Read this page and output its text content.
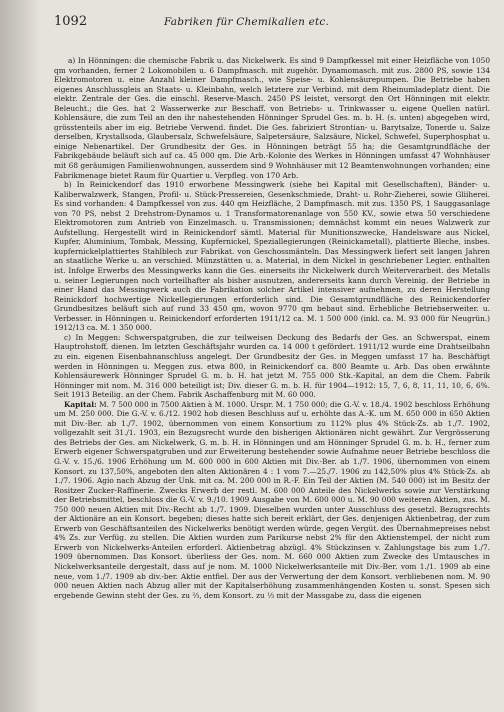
1092	Fabriken für Chemikalien etc.

a) In Hönningen: die chemische Fabrik u. das Nickelwerk. Es sind 9 Dampfkessel mit einer Heizfläche von 1050 qm vorhanden, ferner 2 Lokomobilen u. 6 Dampfmasch. mit zugehör. Dynamomasch. mit zus. 2800 PS, sowie 134 Elektromotoren u. eine Anzahl kleiner Dampfmasch., wie Speise- u. Kohlensäurepumpen. Die Betriebe haben eigenes Anschlussgleis an Staats- u. Kleinbahn, welch letztere zur Verbind. mit dem Rheinumladeplatz dient. Die elektr. Zentrale der Ges. die einschl. Reserve-Masch. 2450 PS leistet, versorgt den Ort Hönningen mit elektr. Beleucht.; die Ges. hat 2 Wasserwerke zur Beschaff. von Betriebs- u. Trinkwasser u. eigene Quellen natürl. Kohlensäure, die zum Teil an den ihr nahestehenden Hönninger Sprudel Ges. m. b. H. (s. unten) abgegeben wird, grösstenteils aber im eig. Betriebe Verwend. findet. Die Ges. fabriziert Strontian- u. Barytsalze, Tonerde u. Salze derselben, Krystallsoda, Glaubersalz, Schwefelsäure, Salpetersäure, Salzsäure, Nickel, Schwefel, Superphosphat u. einige Nebenartikel. Der Grundbesitz der Ges. in Hönningen beträgt 55 ha; die Gesamtgrundfläche der Fabrikgebäude beläuft sich auf ca. 45 000 qm. Die Arb.-Kolonie des Werkes in Hönningen umfasst 47 Wohnhäuser mit 68 geräumigen Familienwohnungen, ausserdem sind 9 Wohnhäuser mit 12 Beamtenwohnungen vorhanden; eine Fabrikmenage bietet Raum für Quartier u. Verpfleg. von 170 Arb.

b) In Reinickendorf das 1910 erworbene Messingwerk (siehe bei Kapital mit Gesellschaften), Bänder- u. Kaliberwalzwerk, Stangen, Profil- u. Stück-Pressereien, Gesenkschmiede, Draht- u. Rohr-Zieherei, sowie Gliiherei. Es sind vorhanden: 4 Dampfkessel von zus. 440 qm Heizfläche, 2 Dampfmasch. mit zus. 1350 PS, 1 Sauggasanlage von 70 PS, nebst 2 Drehstrom-Dynamos u. 1 Transformatorenanlage von 550 KV., sowie etwa 50 verschiedene Elektromotoren zum Antrieb von Einzelmasch. u. Transmissionen; demnächst kommt ein neues Walzwerk zur Aufstellung. Hergestellt wird in Reinickendorf sämtl. Material für Munitionszwecke, Handelsware aus Nickel, Kupfer, Aluminium, Tombak, Messing, Kupfernickel, Speziallegierungen (Reinickametall), plattierte Bleche, insbes. kupfernickelplattiertes Stahlblech zur Fabrikat. von Geschossmänteln. Das Messingwerk liefert seit langen Jahren an staatliche Werke u. an verschied. Münzstätten u. a. Material, in dem Nickel in geschriebener Legier. enthalten ist. Infolge Erwerbs des Messingwerks kann die Ges. einerseits ihr Nickelwerk durch Weiterverarbeit. des Metalls u. seiner Legierungen noch vorteilhafter als bisher ausnutzen, andererseits kann durch Vereinig. der Betriebe in einer Hand das Messingwerk auch die Fabrikation solcher Artikel intensiver aufnehmen, zu deren Herstellung Reinickdorf hochwertige Nickellegierungen erforderlich sind. Die Gesamtgrundfläche des Reinickendorfer Grundbesitzes beläuft sich auf rund 33 450 qm, wovon 9770 qm bebaut sind. Erhebliche Betriebserweiter. u. Verbesser. in Hönningen u. Reinickendorf erforderten 1911/12 ca. M. 1 500 000 (inkl. ca. M. 93 000 für Neugrün.) 1912/13 ca. M. 1 350 000.

c) In Meggen: Schwerspatgruben, die zur teilweisen Deckung des Bedarfs der Ges. an Schwerspat, einem Hauptrohstoff, dienen. Im letzten Geschäftsjahr wurden ca. 14 000 t gefördert. 1911/12 wurde eine Drahtseilbahn zu ein. eigenen Eisenbahnanschluss angelegt. Der Grundbesitz der Ges. in Meggen umfasst 17 ha. Beschäftigt werden in Hönningen u. Meggen zus. etwa 800, in Reinickendorf ca. 800 Beamte u. Arb. Das oben erwähnte Kohlensäurewerk Hönninger Sprudel G. m. b. H. hat jetzt M. 755 000 Stk.-Kapital, an dem die Chem. Fabrik Hönninger mit nom. M. 316 000 beteiligt ist; Div. dieser G. m. b. H. für 1904—1912: 15, 7, 6, 8, 11, 11, 10, 6, 6%. Seit 1913 Beteilig. an der Chem. Fabrik Aschaffenburg mit M. 60 000.

Kapital: M. 7 500 000 in 7500 Aktien à M. 1000. Urspr. M. 1 750 000; die G.-V. v. 18./4. 1902 beschloss Erhöhung um M. 250 000. Die G.-V. v. 6./12. 1902 hob diesen Beschluss auf u. erhöhte das A.-K. um M. 650 000 in 650 Aktien mit Div.-Ber. ab 1./7. 1902, übernommen von einem Konsortium zu 112% plus 4% Stück-Zs. ab 1./7. 1902, vollgezahlt seit 31./1. 1903, ein Bezugsrecht wurde den bisherigen Aktionären nicht gewährt. Zur Vergrösserung des Betriebs der Ges. am Nickelwerk, G. m. b. H. in Hönningen und am Hönninger Sprudel G. m. b. H., ferner zum Erwerb eigener Schwerspatgruben und zur Erweiterung bestehender sowie Aufnahme neuer Betriebe beschloss die G.-V. v. 15./6. 1906 Erhöhung um M. 600 000 in 600 Aktien mit Div.-Ber. ab 1./7. 1906, übernommen von einem Konsort. zu 137,50%, angeboten den alten Aktionären 4 : 1 vom 7.—25./7. 1906 zu 142,50% plus 4% Stück-Zs. ab 1./7. 1906. Agio nach Abzug der Unk. mit ca. M. 200 000 in R.-F. Ein Teil der Aktien (M. 540 000) ist im Besitz der Rositzer Zucker-Raffinerie. Zwecks Erwerb der restl. M. 600 000 Anteile des Nickelwerks sowie zur Verstärkung der Betriebsmittel, beschloss die G.-V. v. 9./10. 1909 Ausgabe von M. 600 000 u. M. 90 000 weiteren Aktien, zus. M. 750 000 neuen Aktien mit Div.-Recht ab 1./7. 1909. Dieselben wurden unter Ausschluss des gesetzl. Bezugsrechts der Aktionäre an ein Konsort. begeben; dieses hatte sich bereit erklärt, der Ges. denjenigen Aktienbetrag, der zum Erwerb von Geschäftsanteilen des Nickelwerks benötigt werden würde, gegen Vergüt. des Übernahmepreises nebst 4% Zs. zur Verfüg. zu stellen. Die Aktien wurden zum Parikurse nebst 2% für den Aktienstempel, der nicht zum Erwerb von Nickelwerks-Anteilen erforderl. Aktienbetrag abzügl. 4% Stückzinsen v. Zahlungstage bis zum 1./7. 1909 übernommen. Das Konsort. überliess der Ges. nom. M. 660 000 Aktien zum Zwecke des Umtausches in Nickelwerksanteile dergestalt, dass auf je nom. M. 1000 Nickelwerksanteile mit Div.-Ber. vom 1./1. 1909 ab eine neue, vom 1./7. 1909 ab div.-ber. Aktie entfiel. Der aus der Verwertung der dem Konsort. verbliebenen nom. M. 90 000 neuen Aktien nach Abzug aller mit der Kapitalserhöhung zusammenhängenden Kosten u. sonst. Spesen sich ergebende Gewinn steht der Ges. zu ⅔, dem Konsort. zu ⅓ mit der Massgabe zu, dass die eigenen
